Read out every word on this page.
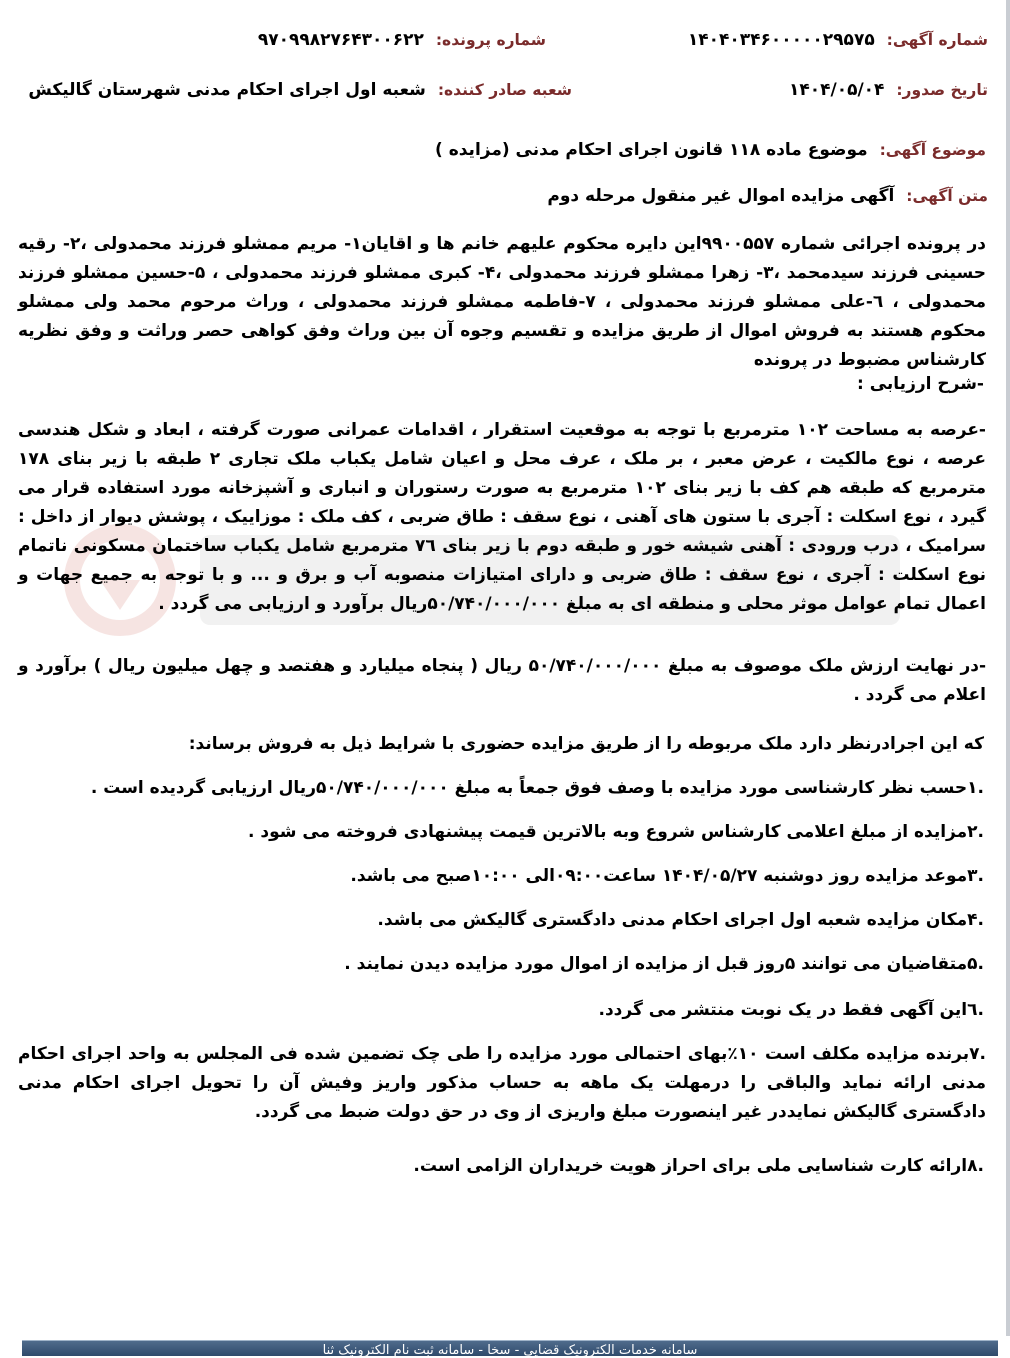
شماره آگهی: ۱۴۰۴۰۳۴۶۰۰۰۰۰۲۹۵۷۵
شماره پرونده: ۹۷۰۹۹۸۲۷۶۴۳۰۰۶۲۲
تاریخ صدور: ۱۴۰۴/۰۵/۰۴
شعبه صادر کننده: شعبه اول اجرای احکام مدنی شهرستان گالیکش
موضوع آگهی: موضوع ماده ۱۱۸ قانون اجرای احکام مدنی (مزایده )
متن آگهی: آگهی مزایده اموال غیر منقول مرحله دوم
در پرونده اجرائی شماره ۹۹۰۰۵۵۷این دایره محکوم علیهم خانم ها و اقایان۱- مریم ممشلو فرزند محمدولی ،۲- رقیه حسینی فرزند سیدمحمد ،۳- زهرا ممشلو فرزند محمدولی ،۴- کبری ممشلو فرزند محمدولی ، ۵-حسین ممشلو فرزند محمدولی ، ٦-علی ممشلو فرزند محمدولی ، ۷-فاطمه ممشلو فرزند محمدولی ، وراث مرحوم محمد ولی ممشلو محکوم هستند به فروش اموال از طریق مزایده و تقسیم وجوه آن بین وراث وفق کواهی حصر وراثت و وفق نظریه کارشناس مضبوط در پرونده
-شرح ارزیابی :
-عرصه به مساحت ۱۰۲ مترمربع با توجه به موقعیت استقرار ، اقدامات عمرانی صورت گرفته ، ابعاد و شکل هندسی عرصه ، نوع مالکیت ، عرض معبر ، بر ملک ، عرف محل و اعیان شامل یکباب ملک تجاری ۲ طبقه با زیر بنای ۱۷۸ مترمربع که طبقه هم کف با زیر بنای ۱۰۲ مترمربع به صورت رستوران و انباری و آشپزخانه مورد استفاده قرار می گیرد ، نوع اسکلت : آجری با ستون های آهنی ، نوع سقف : طاق ضربی ، کف ملک : موزاییک ، پوشش دیوار از داخل : سرامیک ، درب ورودی : آهنی شیشه خور و طبقه دوم با زیر بنای ۷٦ مترمربع شامل یکباب ساختمان مسکونی ناتمام نوع اسکلت : آجری ، نوع سقف : طاق ضربی و دارای امتیازات منصوبه آب و برق و ... و با توجه به جمیع جهات و اعمال تمام عوامل موثر محلی و منطقه ای به مبلغ ۵۰/۷۴۰/۰۰۰/۰۰۰ریال برآورد و ارزیابی می گردد .
-در نهایت ارزش ملک موصوف به مبلغ ۵۰/۷۴۰/۰۰۰/۰۰۰ ریال ( پنجاه میلیارد و هفتصد و چهل میلیون ریال ) برآورد و اعلام می گردد .
که این اجرادرنظر دارد ملک مربوطه را از طریق مزایده حضوری با شرایط ذیل به فروش برساند:
.۱حسب نظر کارشناسی مورد مزایده با وصف فوق جمعاً به مبلغ ۵۰/۷۴۰/۰۰۰/۰۰۰ریال ارزیابی گردیده است .
.۲مزایده از مبلغ اعلامی کارشناس شروع وبه بالاترین قیمت پیشنهادی فروخته می شود .
.۳موعد مزایده روز دوشنبه ۱۴۰۴/۰۵/۲۷ ساعت۰۹:۰۰الی ۱۰:۰۰صبح می باشد.
.۴مکان مزایده شعبه اول اجرای احکام مدنی دادگستری گالیکش می باشد.
.۵متقاضیان می توانند ۵روز قبل از مزایده از اموال مورد مزایده دیدن نمایند .
.٦این آگهی فقط در یک نوبت منتشر می گردد.
.۷برنده مزایده مکلف است ۱۰٪بهای احتمالی مورد مزایده را طی چک تضمین شده فی المجلس به واحد اجرای احکام مدنی ارائه نماید والباقی را درمهلت یک ماهه به حساب مذکور واریز وفیش آن را تحویل اجرای احکام مدنی دادگستری گالیکش نمایددر غیر اینصورت مبلغ واریزی از وی در حق دولت ضبط می گردد.
.۸ارائه کارت شناسایی ملی برای احراز هویت خریداران الزامی است.
سامانه خدمات الکترونیک قضایی - سخا - سامانه ثبت نام الکترونیک ثنا
